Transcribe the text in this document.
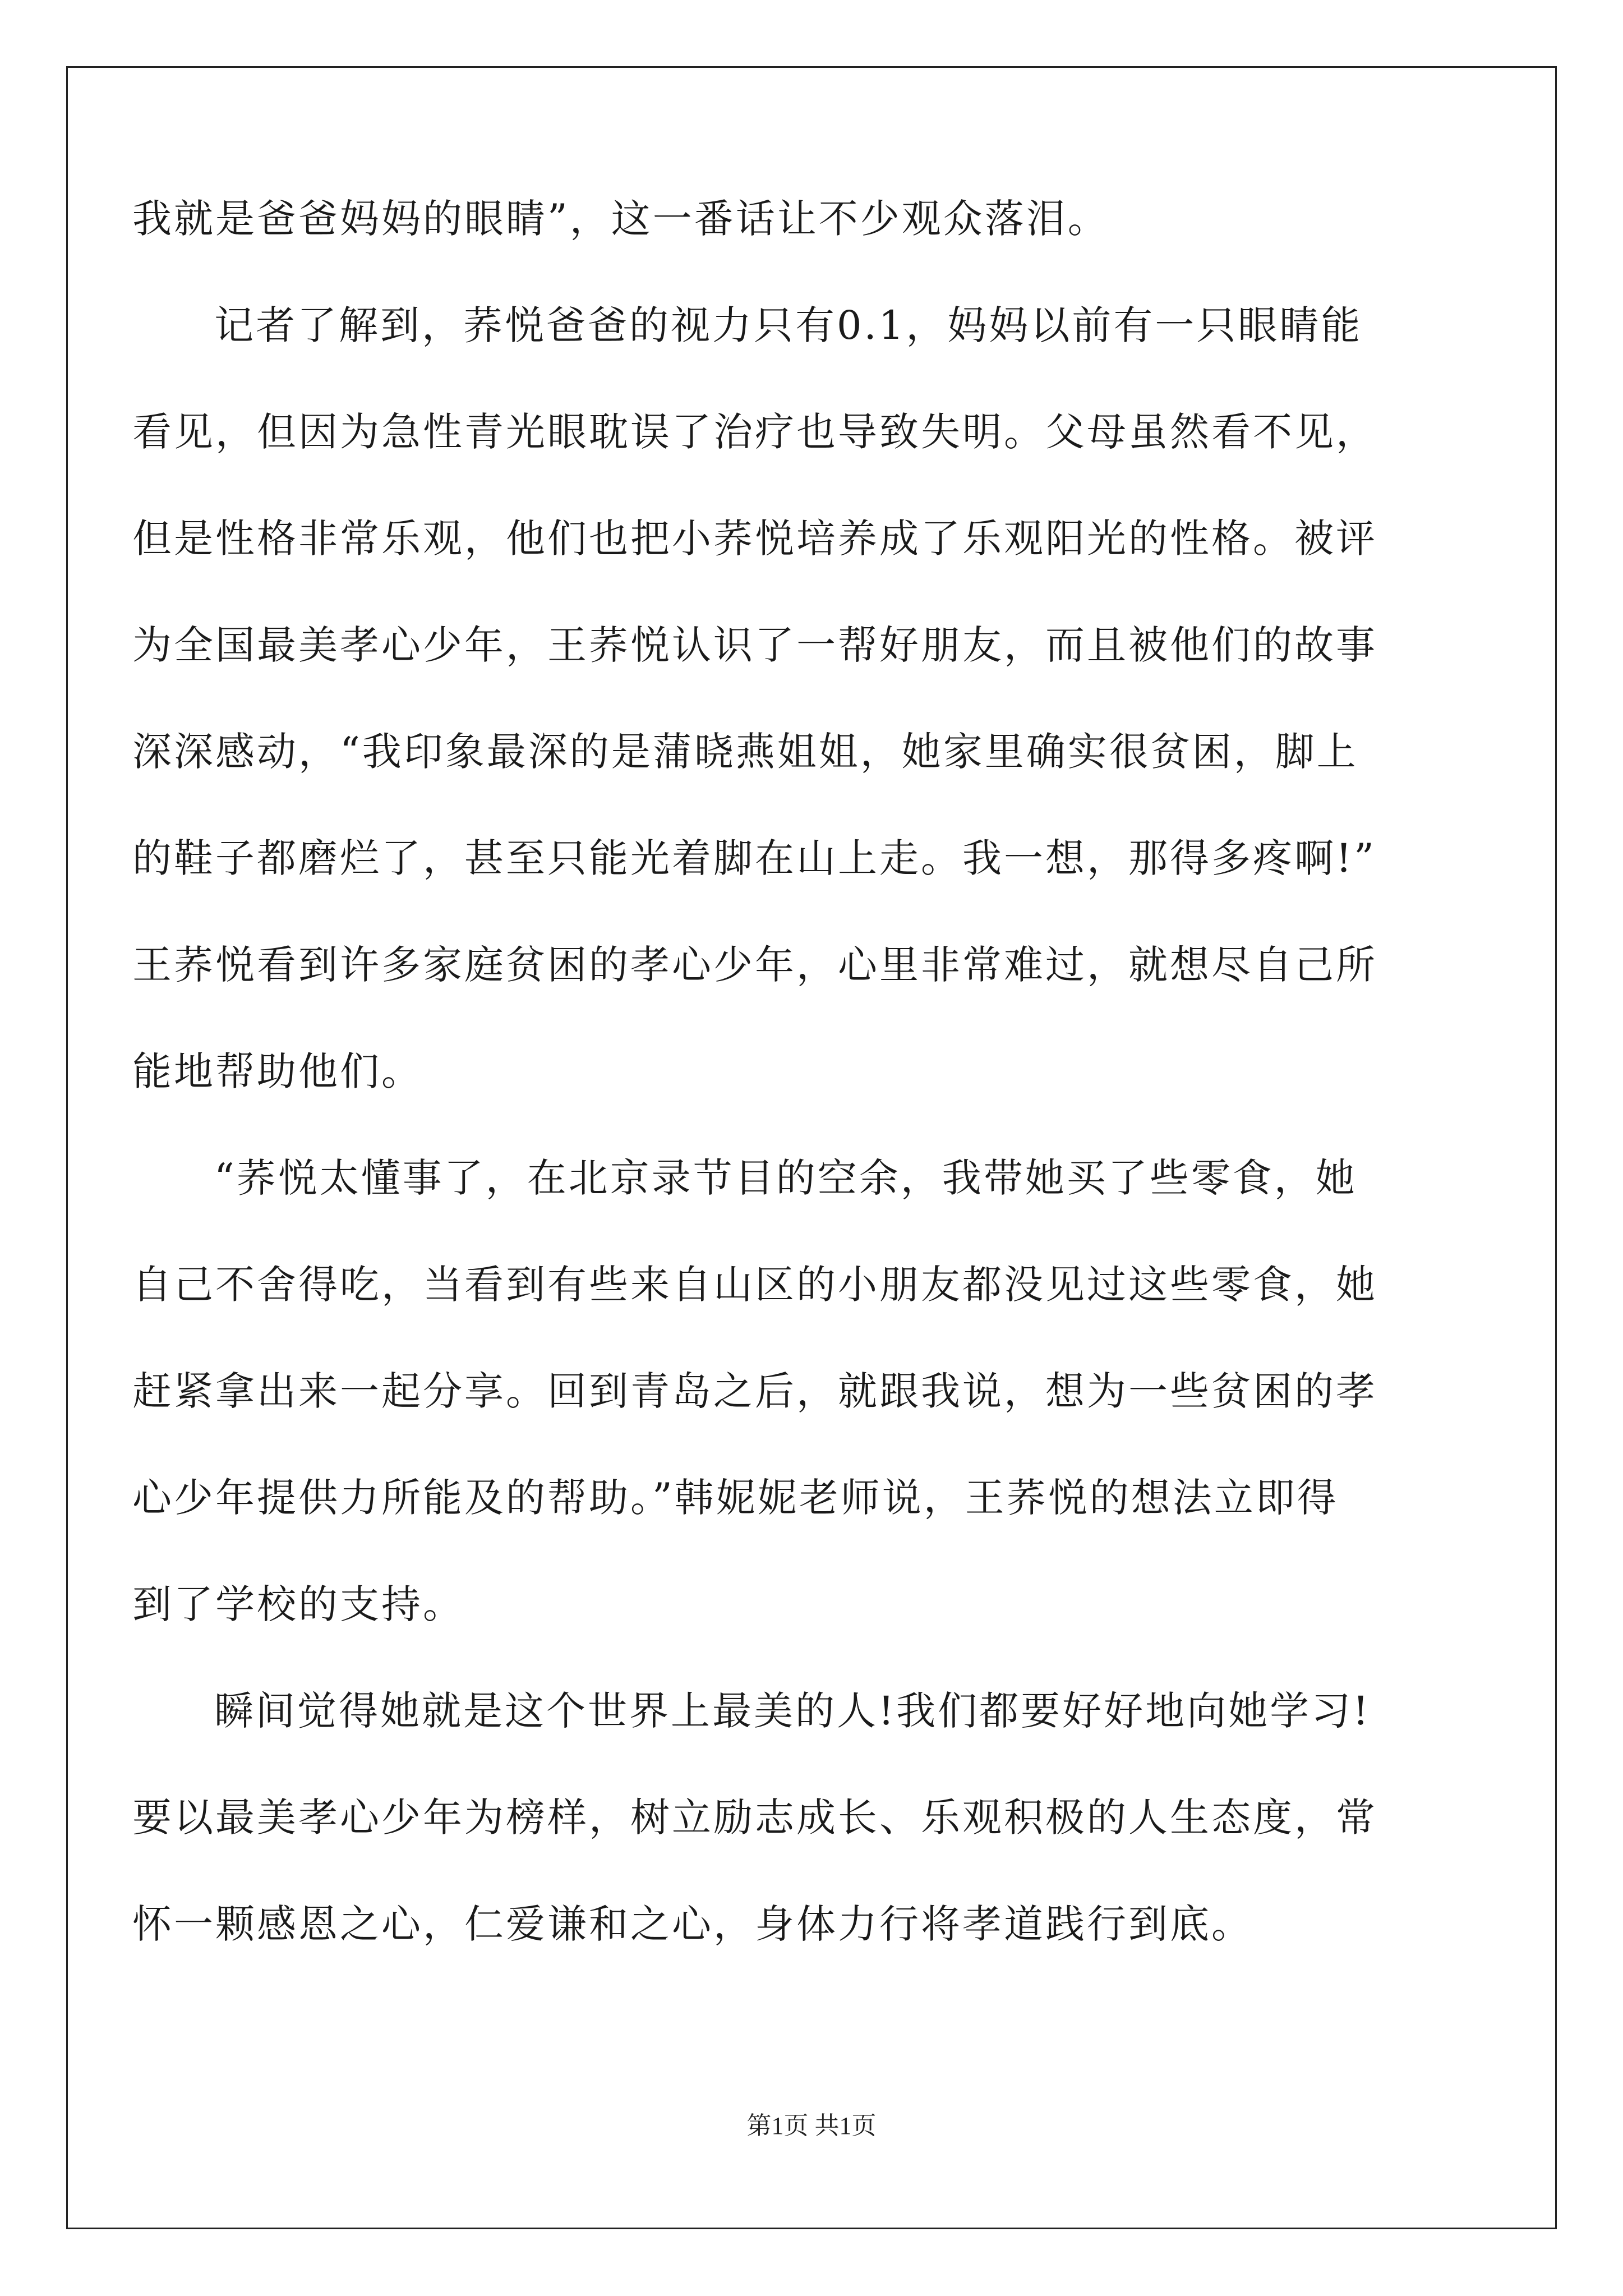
我就是爸爸妈妈的眼睛”，这一番话让不少观众落泪。
记者了解到，荞悦爸爸的视力只有0.1，妈妈以前有一只眼睛能
看见，但因为急性青光眼耽误了治疗也导致失明。父母虽然看不见，
但是性格非常乐观，他们也把小荞悦培养成了乐观阳光的性格。被评
为全国最美孝心少年，王荞悦认识了一帮好朋友，而且被他们的故事
深深感动，“我印象最深的是蒲晓燕姐姐，她家里确实很贫困，脚上
的鞋子都磨烂了，甚至只能光着脚在山上走。我一想，那得多疼啊!”
王荞悦看到许多家庭贫困的孝心少年，心里非常难过，就想尽自己所
能地帮助他们。
“荞悦太懂事了，在北京录节目的空余，我带她买了些零食，她
自己不舍得吃，当看到有些来自山区的小朋友都没见过这些零食，她
赶紧拿出来一起分享。回到青岛之后，就跟我说，想为一些贫困的孝
心少年提供力所能及的帮助。”韩妮妮老师说，王荞悦的想法立即得
到了学校的支持。
瞬间觉得她就是这个世界上最美的人!我们都要好好地向她学习!
要以最美孝心少年为榜样，树立励志成长、乐观积极的人生态度，常
怀一颗感恩之心，仁爱谦和之心，身体力行将孝道践行到底。
第1页 共1页
